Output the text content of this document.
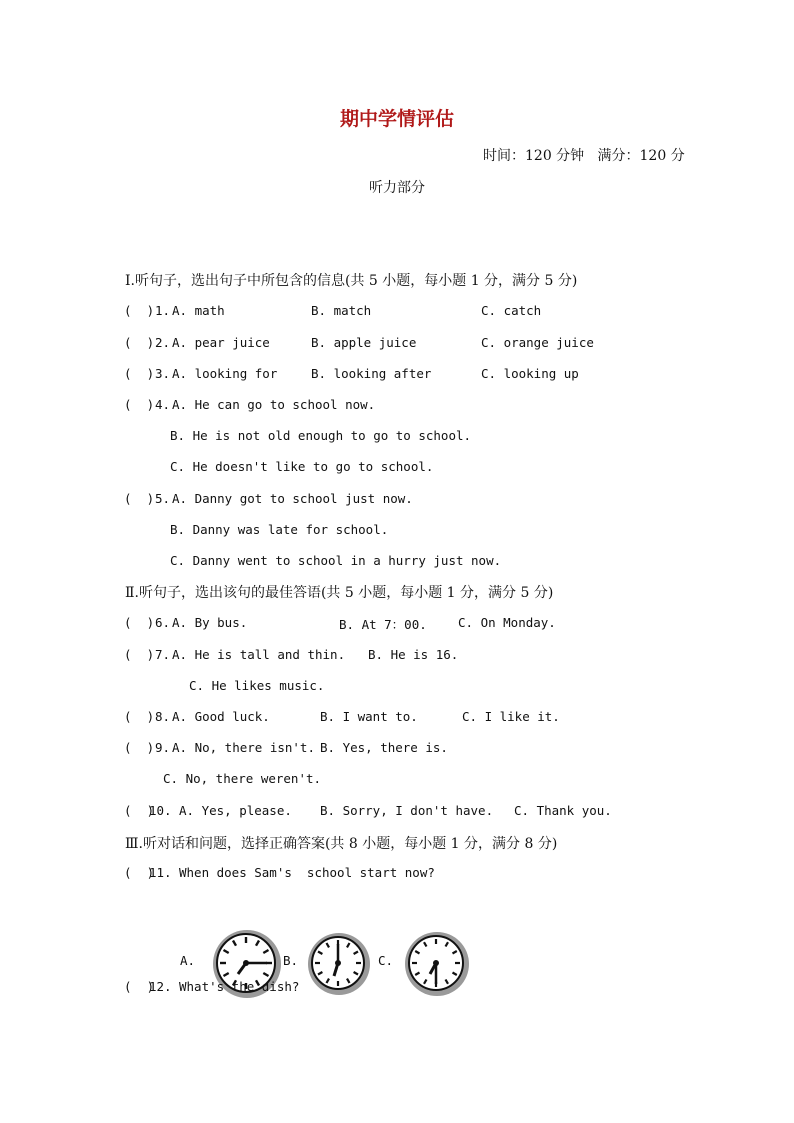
期中学情评估
时间：120 分钟   满分：120 分
听力部分
Ⅰ.听句子，选出句子中所包含的信息(共 5 小题，每小题 1 分，满分 5 分)
(  ) 1. A. math	B. match	C. catch
(  ) 2. A. pear juice	B. apple juice	C. orange juice
(  ) 3. A. looking for	B. looking after	C. looking up
(  ) 4. A. He can go to school now.
B. He is not old enough to go to school.
C. He doesn't like to go to school.
(  ) 5. A. Danny got to school just now.
B. Danny was late for school.
C. Danny went to school in a hurry just now.
Ⅱ.听句子，选出该句的最佳答语(共 5 小题，每小题 1 分，满分 5 分)
(  ) 6. A. By bus.	B. At 7：00. C. On Monday.
(  ) 7. A. He is tall and thin. B. He is 16.
C. He likes music.
(  ) 8. A. Good luck.	B. I want to.	C. I like it.
(  ) 9. A. No, there isn't. B. Yes, there is.
C. No, there weren't.
(  )
10. A. Yes, please. B. Sorry, I don't have. C. Thank you.
Ⅲ.听对话和问题，选择正确答案(共 8 小题，每小题 1 分，满分 8 分)
(  )
11. When does Sam's  school start now?

A.	B.	C.
(  )
12. What's the dish?
